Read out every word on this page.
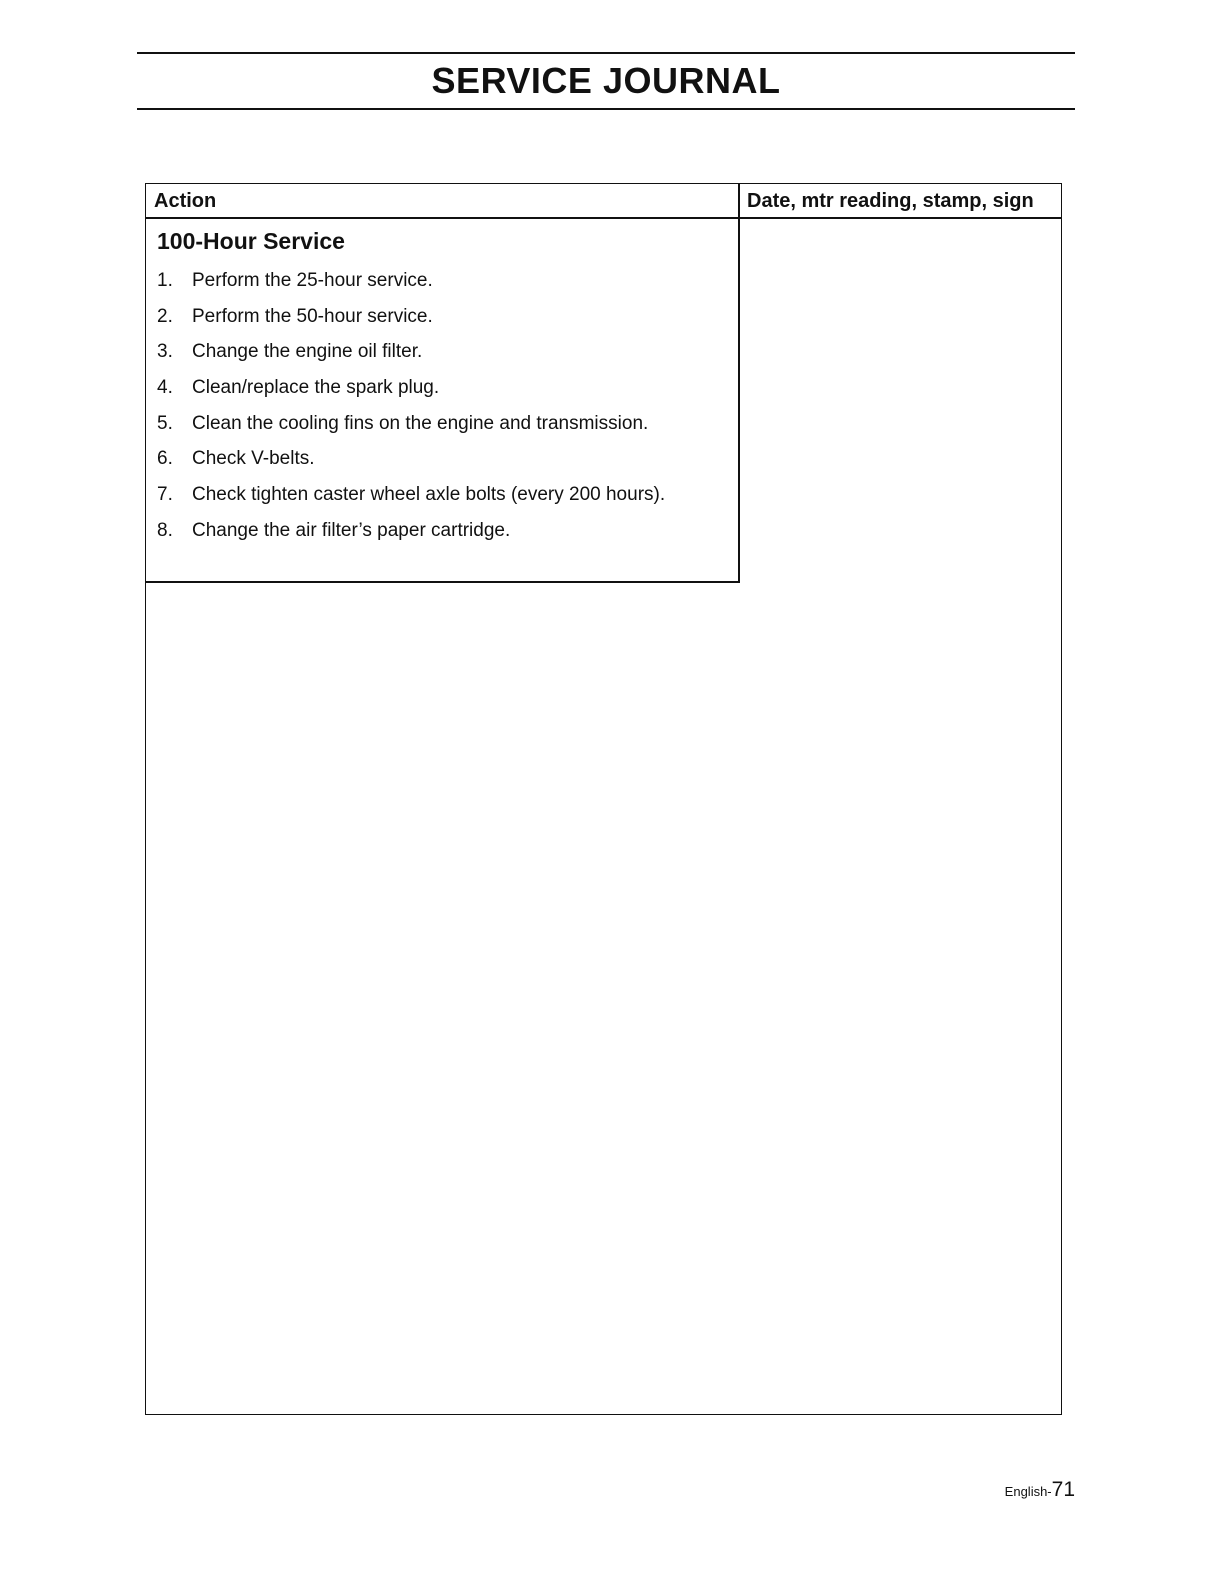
SERVICE JOURNAL
Action	Date, mtr reading, stamp, sign
100-Hour Service
1. Perform the 25-hour service.
2. Perform the 50-hour service.
3. Change the engine oil filter.
4. Clean/replace the spark plug.
5. Clean the cooling fins on the engine and transmission.
6. Check V-belts.
7. Check tighten caster wheel axle bolts (every 200 hours).
8. Change the air filter’s paper cartridge.
English-71
